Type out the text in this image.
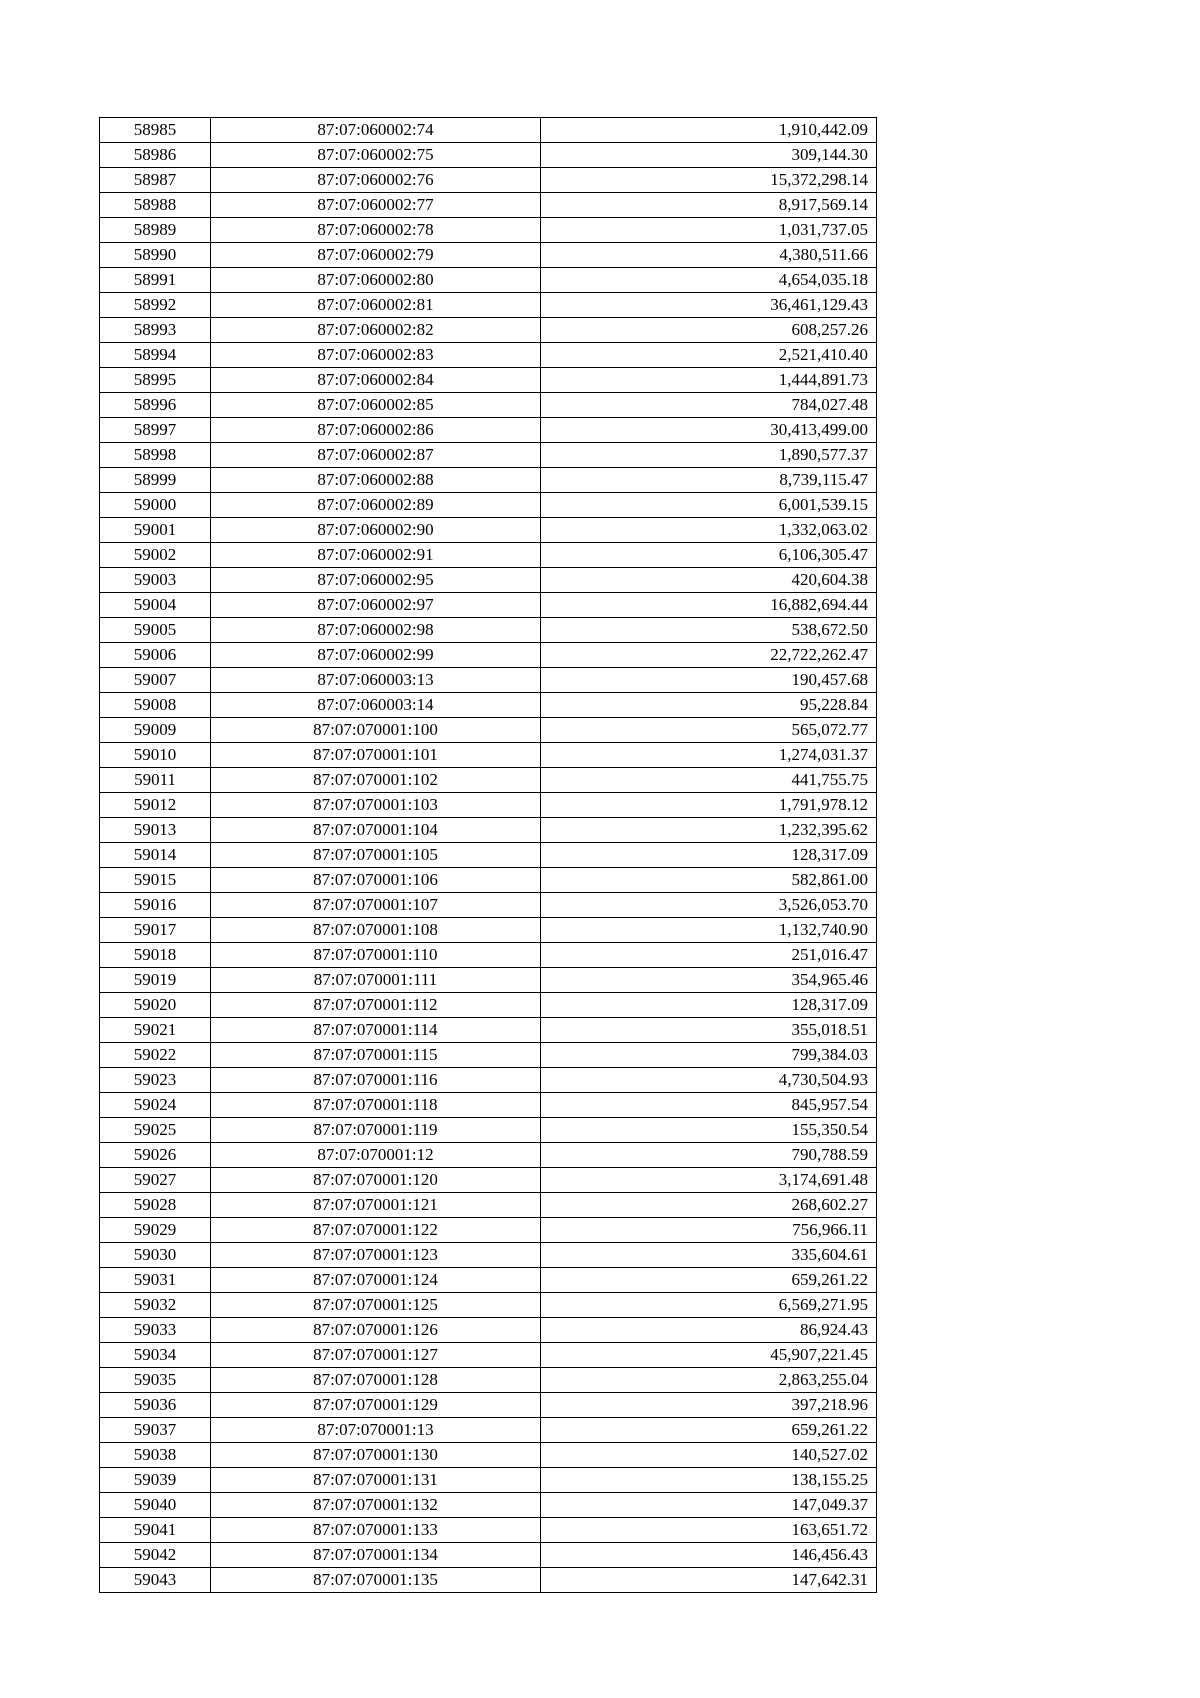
58985	87:07:060002:74	1,910,442.09
58986	87:07:060002:75	309,144.30
58987	87:07:060002:76	15,372,298.14
58988	87:07:060002:77	8,917,569.14
58989	87:07:060002:78	1,031,737.05
58990	87:07:060002:79	4,380,511.66
58991	87:07:060002:80	4,654,035.18
58992	87:07:060002:81	36,461,129.43
58993	87:07:060002:82	608,257.26
58994	87:07:060002:83	2,521,410.40
58995	87:07:060002:84	1,444,891.73
58996	87:07:060002:85	784,027.48
58997	87:07:060002:86	30,413,499.00
58998	87:07:060002:87	1,890,577.37
58999	87:07:060002:88	8,739,115.47
59000	87:07:060002:89	6,001,539.15
59001	87:07:060002:90	1,332,063.02
59002	87:07:060002:91	6,106,305.47
59003	87:07:060002:95	420,604.38
59004	87:07:060002:97	16,882,694.44
59005	87:07:060002:98	538,672.50
59006	87:07:060002:99	22,722,262.47
59007	87:07:060003:13	190,457.68
59008	87:07:060003:14	95,228.84
59009	87:07:070001:100	565,072.77
59010	87:07:070001:101	1,274,031.37
59011	87:07:070001:102	441,755.75
59012	87:07:070001:103	1,791,978.12
59013	87:07:070001:104	1,232,395.62
59014	87:07:070001:105	128,317.09
59015	87:07:070001:106	582,861.00
59016	87:07:070001:107	3,526,053.70
59017	87:07:070001:108	1,132,740.90
59018	87:07:070001:110	251,016.47
59019	87:07:070001:111	354,965.46
59020	87:07:070001:112	128,317.09
59021	87:07:070001:114	355,018.51
59022	87:07:070001:115	799,384.03
59023	87:07:070001:116	4,730,504.93
59024	87:07:070001:118	845,957.54
59025	87:07:070001:119	155,350.54
59026	87:07:070001:12	790,788.59
59027	87:07:070001:120	3,174,691.48
59028	87:07:070001:121	268,602.27
59029	87:07:070001:122	756,966.11
59030	87:07:070001:123	335,604.61
59031	87:07:070001:124	659,261.22
59032	87:07:070001:125	6,569,271.95
59033	87:07:070001:126	86,924.43
59034	87:07:070001:127	45,907,221.45
59035	87:07:070001:128	2,863,255.04
59036	87:07:070001:129	397,218.96
59037	87:07:070001:13	659,261.22
59038	87:07:070001:130	140,527.02
59039	87:07:070001:131	138,155.25
59040	87:07:070001:132	147,049.37
59041	87:07:070001:133	163,651.72
59042	87:07:070001:134	146,456.43
59043	87:07:070001:135	147,642.31
